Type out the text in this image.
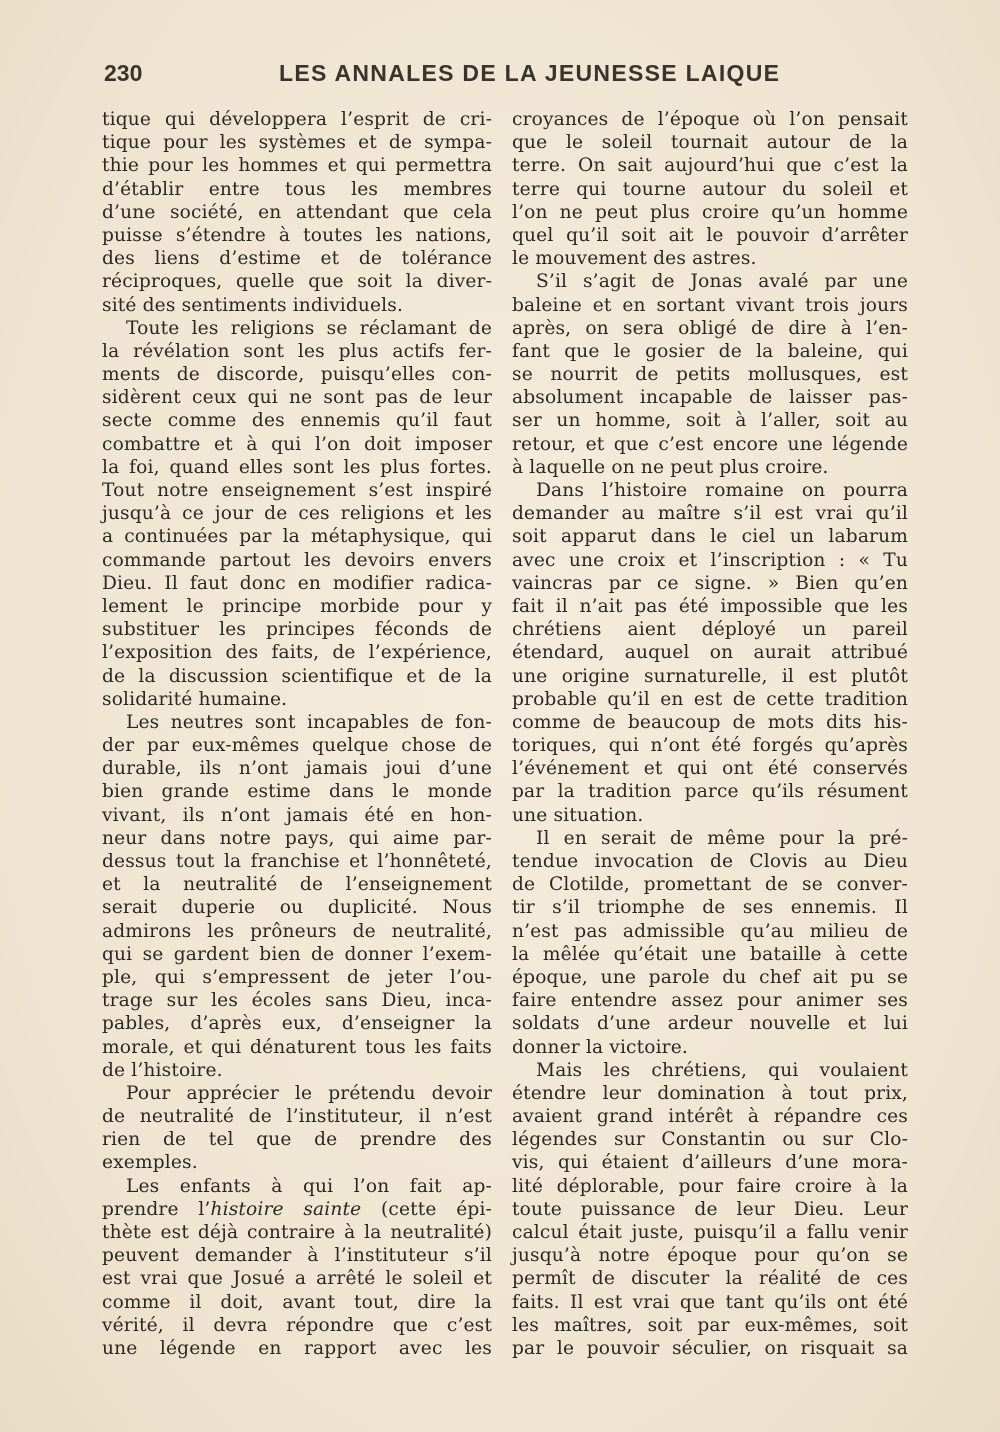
230	LES ANNALES DE LA JEUNESSE LAIQUE
tique qui développera l’esprit de cri-
tique pour les systèmes et de sympa-
thie pour les hommes et qui permettra
d’établir entre tous les membres
d’une société, en attendant que cela
puisse s’étendre à toutes les nations,
des liens d’estime et de tolérance
réciproques, quelle que soit la diver-
sité des sentiments individuels.
Toute les religions se réclamant de
la révélation sont les plus actifs fer-
ments de discorde, puisqu’elles con-
sidèrent ceux qui ne sont pas de leur
secte comme des ennemis qu’il faut
combattre et à qui l’on doit imposer
la foi, quand elles sont les plus fortes.
Tout notre enseignement s’est inspiré
jusqu’à ce jour de ces religions et les
a continuées par la métaphysique, qui
commande partout les devoirs envers
Dieu. Il faut donc en modifier radica-
lement le principe morbide pour y
substituer les principes féconds de
l’exposition des faits, de l’expérience,
de la discussion scientifique et de la
solidarité humaine.
Les neutres sont incapables de fon-
der par eux-mêmes quelque chose de
durable, ils n’ont jamais joui d’une
bien grande estime dans le monde
vivant, ils n’ont jamais été en hon-
neur dans notre pays, qui aime par-
dessus tout la franchise et l’honnêteté,
et la neutralité de l’enseignement
serait duperie ou duplicité. Nous
admirons les prôneurs de neutralité,
qui se gardent bien de donner l’exem-
ple, qui s’empressent de jeter l’ou-
trage sur les écoles sans Dieu, inca-
pables, d’après eux, d’enseigner la
morale, et qui dénaturent tous les faits
de l’histoire.
Pour apprécier le prétendu devoir
de neutralité de l’instituteur, il n’est
rien de tel que de prendre des
exemples.
Les enfants à qui l’on fait ap-
prendre l’histoire sainte (cette épi-
thète est déjà contraire à la neutralité)
peuvent demander à l’instituteur s’il
est vrai que Josué a arrêté le soleil et
comme il doit, avant tout, dire la
vérité, il devra répondre que c’est
une légende en rapport avec les
croyances de l’époque où l’on pensait
que le soleil tournait autour de la
terre. On sait aujourd’hui que c’est la
terre qui tourne autour du soleil et
l’on ne peut plus croire qu’un homme
quel qu’il soit ait le pouvoir d’arrêter
le mouvement des astres.
S’il s’agit de Jonas avalé par une
baleine et en sortant vivant trois jours
après, on sera obligé de dire à l’en-
fant que le gosier de la baleine, qui
se nourrit de petits mollusques, est
absolument incapable de laisser pas-
ser un homme, soit à l’aller, soit au
retour, et que c’est encore une légende
à laquelle on ne peut plus croire.
Dans l’histoire romaine on pourra
demander au maître s’il est vrai qu’il
soit apparut dans le ciel un labarum
avec une croix et l’inscription : « Tu
vaincras par ce signe. » Bien qu’en
fait il n’ait pas été impossible que les
chrétiens aient déployé un pareil
étendard, auquel on aurait attribué
une origine surnaturelle, il est plutôt
probable qu’il en est de cette tradition
comme de beaucoup de mots dits his-
toriques, qui n’ont été forgés qu’après
l’événement et qui ont été conservés
par la tradition parce qu’ils résument
une situation.
Il en serait de même pour la pré-
tendue invocation de Clovis au Dieu
de Clotilde, promettant de se conver-
tir s’il triomphe de ses ennemis. Il
n’est pas admissible qu’au milieu de
la mêlée qu’était une bataille à cette
époque, une parole du chef ait pu se
faire entendre assez pour animer ses
soldats d’une ardeur nouvelle et lui
donner la victoire.
Mais les chrétiens, qui voulaient
étendre leur domination à tout prix,
avaient grand intérêt à répandre ces
légendes sur Constantin ou sur Clo-
vis, qui étaient d’ailleurs d’une mora-
lité déplorable, pour faire croire à la
toute puissance de leur Dieu. Leur
calcul était juste, puisqu’il a fallu venir
jusqu’à notre époque pour qu’on se
permît de discuter la réalité de ces
faits. Il est vrai que tant qu’ils ont été
les maîtres, soit par eux-mêmes, soit
par le pouvoir séculier, on risquait sa
